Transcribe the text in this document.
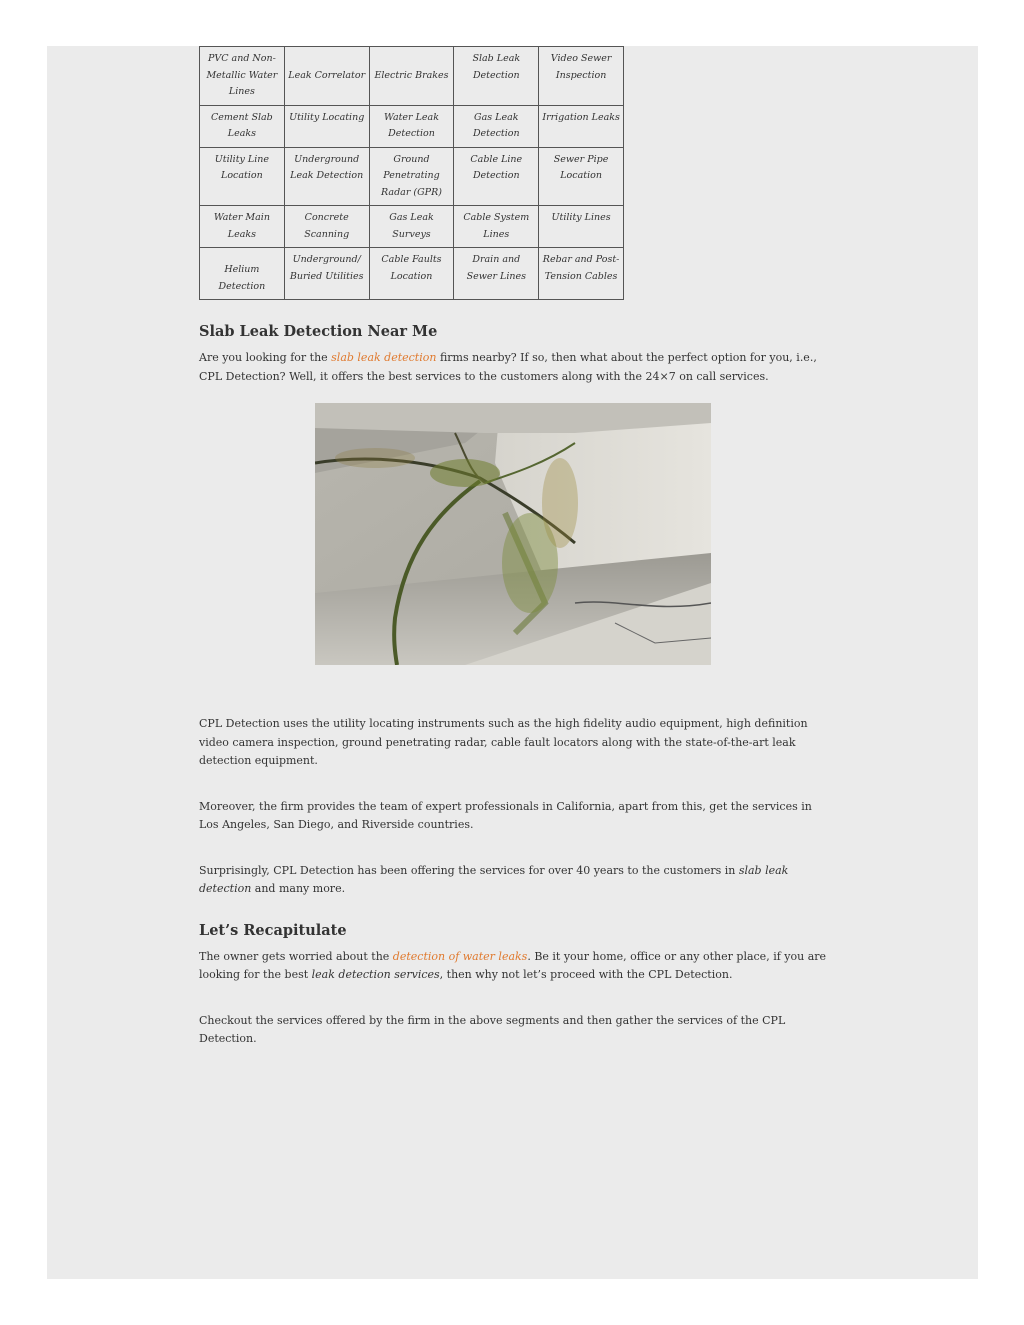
PVC and Non-Metallic Water Lines	Leak Correlator	Electric Brakes	Slab Leak Detection	Video Sewer Inspection
Cement Slab Leaks	Utility Locating	Water Leak Detection	Gas Leak Detection	Irrigation Leaks
Utility Line Location	Underground Leak Detection	Ground Penetrating Radar (GPR)	Cable Line Detection	Sewer Pipe Location
Water Main Leaks	Concrete Scanning	Gas Leak Surveys	Cable System Lines	Utility Lines
Helium Detection	Underground/ Buried Utilities	Cable Faults Location	Drain and Sewer Lines	Rebar and Post-Tension Cables
Slab Leak Detection Near Me

Are you looking for the slab leak detection firms nearby? If so, then what about the perfect option for you, i.e., CPL Detection? Well, it offers the best services to the customers along with the 24×7 on call services.

CPL Detection uses the utility locating instruments such as the high fidelity audio equipment, high definition video camera inspection, ground penetrating radar, cable fault locators along with the state-of-the-art leak detection equipment.

Moreover, the firm provides the team of expert professionals in California, apart from this, get the services in Los Angeles, San Diego, and Riverside countries.

Surprisingly, CPL Detection has been offering the services for over 40 years to the customers in slab leak detection and many more.

Let’s Recapitulate

The owner gets worried about the detection of water leaks. Be it your home, office or any other place, if you are looking for the best leak detection services, then why not let’s proceed with the CPL Detection.

Checkout the services offered by the firm in the above segments and then gather the services of the CPL Detection.
